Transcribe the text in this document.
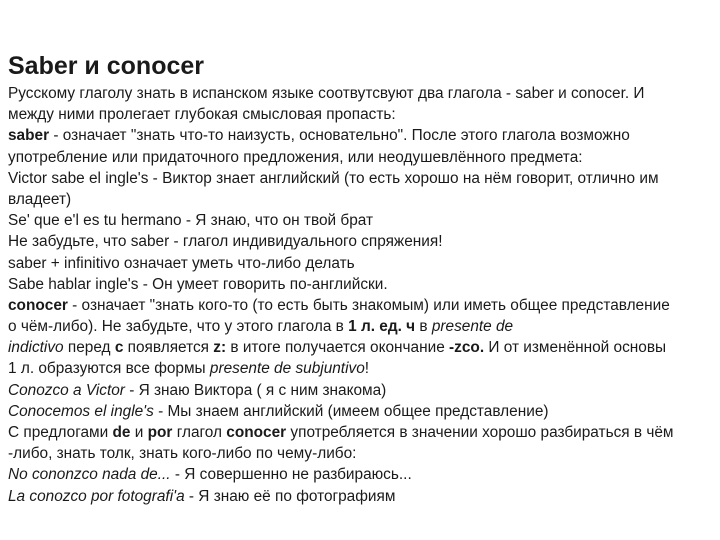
Saber и conocer
Русскому глаголу знать в испанском языке соотвутсвуют два глагола - saber и conocer. И
между ними пролегает глубокая смысловая пропасть:
saber - означает "знать что-то наизусть, основательно". После этого глагола возможно
употребление или придаточного предложения, или неодушевлённого предмета:
Victor sabe el ingle's - Виктор знает английский (то есть хорошо на нём говорит, отлично им
владеет)
Se' que e'l es tu hermano - Я знаю, что он твой брат
Не забудьте, что saber - глагол индивидуального спряжения!
saber + infinitivo означает уметь что-либо делать
Sabe hablar ingle's - Он умеет говорить по-английски.
conocer - означает "знать кого-то (то есть быть знакомым) или иметь общее представление
о чём-либо). Не забудьте, что у этого глагола в 1 л. ед. ч в presente de
indictivo перед с появляется z: в итоге получается окончание -zco. И от изменённой основы
1 л. образуются все формы presente de subjuntivo!
Conozco a Victor - Я знаю Виктора ( я с ним знакома)
Conocemos el ingle's - Мы знаем английский (имеем общее представление)
С предлогами de и por глагол conocer употребляется в значении хорошо разбираться в чём
-либо, знать толк, знать кого-либо по чему-либо:
No cononzco nada de... - Я совершенно не разбираюсь...
La conozco por fotografi'a - Я знаю её по фотографиям
